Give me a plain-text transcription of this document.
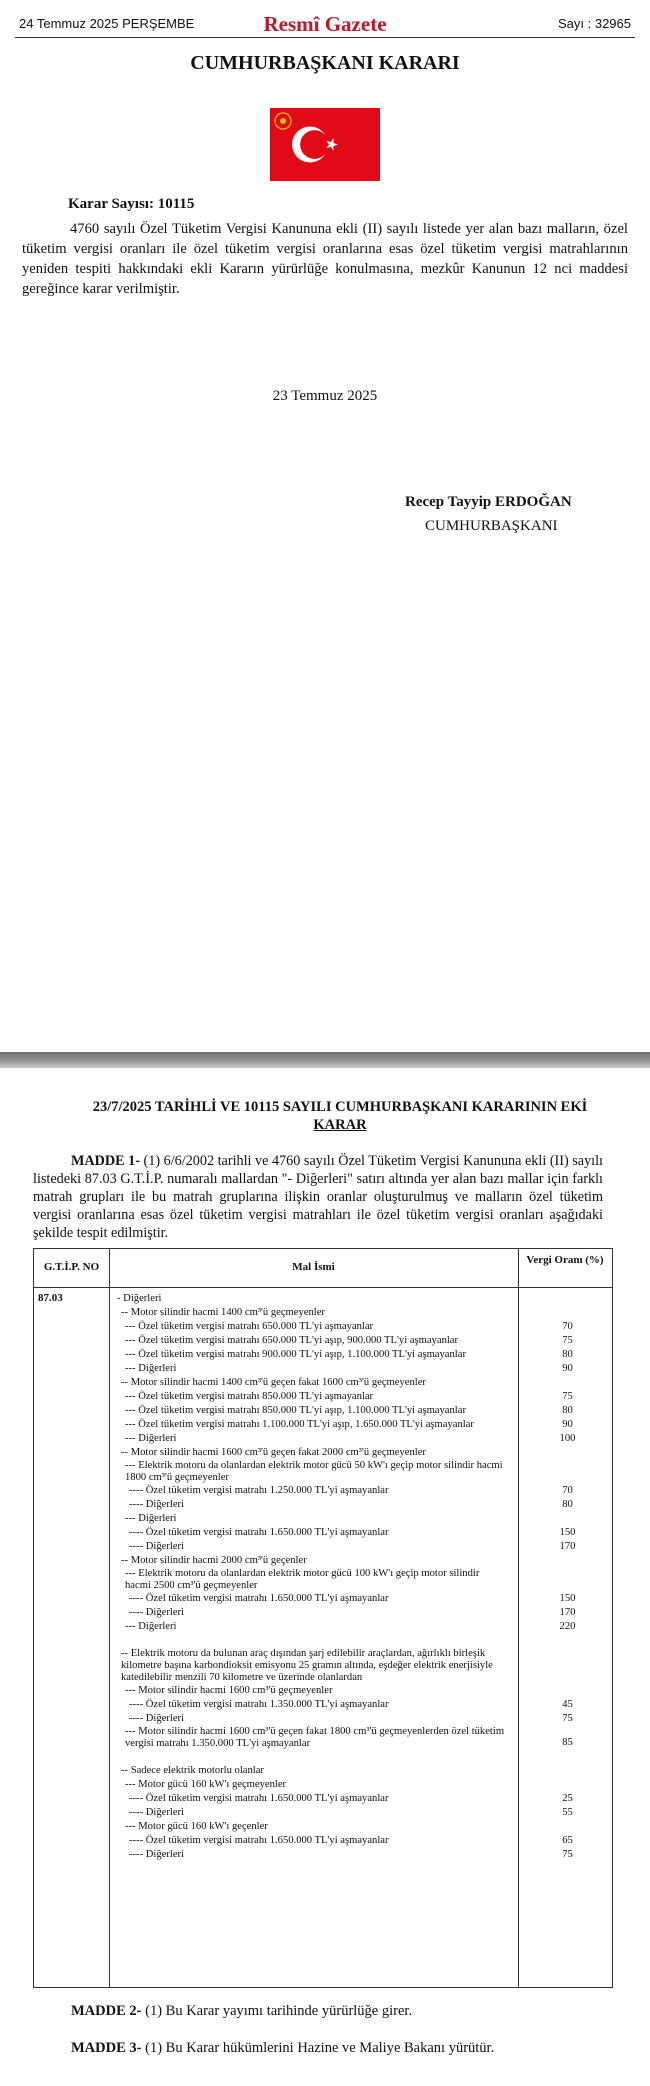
24 Temmuz 2025 PERŞEMBE	Resmî Gazete	Sayı : 32965
CUMHURBAŞKANI KARARI
Karar Sayısı: 10115

4760 sayılı Özel Tüketim Vergisi Kanununa ekli (II) sayılı listede yer alan bazı malların, özel tüketim vergisi oranları ile özel tüketim vergisi oranlarına esas özel tüketim vergisi matrahlarının yeniden tespiti hakkındaki ekli Kararın yürürlüğe konulmasına, mezkûr Kanunun 12 nci maddesi gereğince karar verilmiştir.

23 Temmuz 2025
Recep Tayyip ERDOĞAN
CUMHURBAŞKANI
23/7/2025 TARİHLİ VE 10115 SAYILI CUMHURBAŞKANI KARARININ EKİ
KARAR

MADDE 1- (1) 6/6/2002 tarihli ve 4760 sayılı Özel Tüketim Vergisi Kanununa ekli (II) sayılı listedeki 87.03 G.T.İ.P. numaralı mallardan "- Diğerleri" satırı altında yer alan bazı mallar için farklı matrah grupları ile bu matrah gruplarına ilişkin oranlar oluşturulmuş ve malların özel tüketim vergisi oranlarına esas özel tüketim vergisi matrahları ile özel tüketim vergisi oranları aşağıdaki şekilde tespit edilmiştir.

G.T.İ.P. NO	Mal İsmi
Vergi Oranı (%)
87.03	- Diğerleri
-- Motor silindir hacmi 1400 cm³'ü geçmeyenler
--- Özel tüketim vergisi matrahı 650.000 TL'yi aşmayanlar	70
--- Özel tüketim vergisi matrahı 650.000 TL'yi aşıp, 900.000 TL'yi aşmayanlar	75
--- Özel tüketim vergisi matrahı 900.000 TL'yi aşıp, 1.100.000 TL'yi aşmayanlar	80
--- Diğerleri	90
-- Motor silindir hacmi 1400 cm³'ü geçen fakat 1600 cm³'ü geçmeyenler
--- Özel tüketim vergisi matrahı 850.000 TL'yi aşmayanlar	75
--- Özel tüketim vergisi matrahı 850.000 TL'yi aşıp, 1.100.000 TL'yi aşmayanlar	80
--- Özel tüketim vergisi matrahı 1.100.000 TL'yi aşıp, 1.650.000 TL'yi aşmayanlar	90
--- Diğerleri	100
-- Motor silindir hacmi 1600 cm³'ü geçen fakat 2000 cm³'ü geçmeyenler
--- Elektrik motoru da olanlardan elektrik motor gücü 50 kW'ı geçip motor silindir hacmi 1800 cm³'ü geçmeyenler
---- Özel tüketim vergisi matrahı 1.250.000 TL'yi aşmayanlar	70
---- Diğerleri	80
--- Diğerleri
---- Özel tüketim vergisi matrahı 1.650.000 TL'yi aşmayanlar	150
---- Diğerleri	170
-- Motor silindir hacmi 2000 cm³'ü geçenler
--- Elektrik motoru da olanlardan elektrik motor gücü 100 kW'ı geçip motor silindir hacmi 2500 cm³'ü geçmeyenler
---- Özel tüketim vergisi matrahı 1.650.000 TL'yi aşmayanlar	150
---- Diğerleri	170
--- Diğerleri	220
-- Elektrik motoru da bulunan araç dışından şarj edilebilir araçlardan, ağırlıklı birleşik kilometre başına karbondioksit emisyonu 25 gramın altında, eşdeğer elektrik enerjisiyle katedilebilir menzili 70 kilometre ve üzerinde olanlardan
--- Motor silindir hacmi 1600 cm³'ü geçmeyenler
---- Özel tüketim vergisi matrahı 1.350.000 TL'yi aşmayanlar	45
---- Diğerleri	75
--- Motor silindir hacmi 1600 cm³'ü geçen fakat 1800 cm³'ü geçmeyenlerden özel tüketim vergisi matrahı 1.350.000 TL'yi aşmayanlar	85
-- Sadece elektrik motorlu olanlar
--- Motor gücü 160 kW'ı geçmeyenler
---- Özel tüketim vergisi matrahı 1.650.000 TL'yi aşmayanlar	25
---- Diğerleri	55
--- Motor gücü 160 kW'ı geçenler
---- Özel tüketim vergisi matrahı 1.650.000 TL'yi aşmayanlar	65
---- Diğerleri	75
MADDE 2- (1) Bu Karar yayımı tarihinde yürürlüğe girer.
MADDE 3- (1) Bu Karar hükümlerini Hazine ve Maliye Bakanı yürütür.
